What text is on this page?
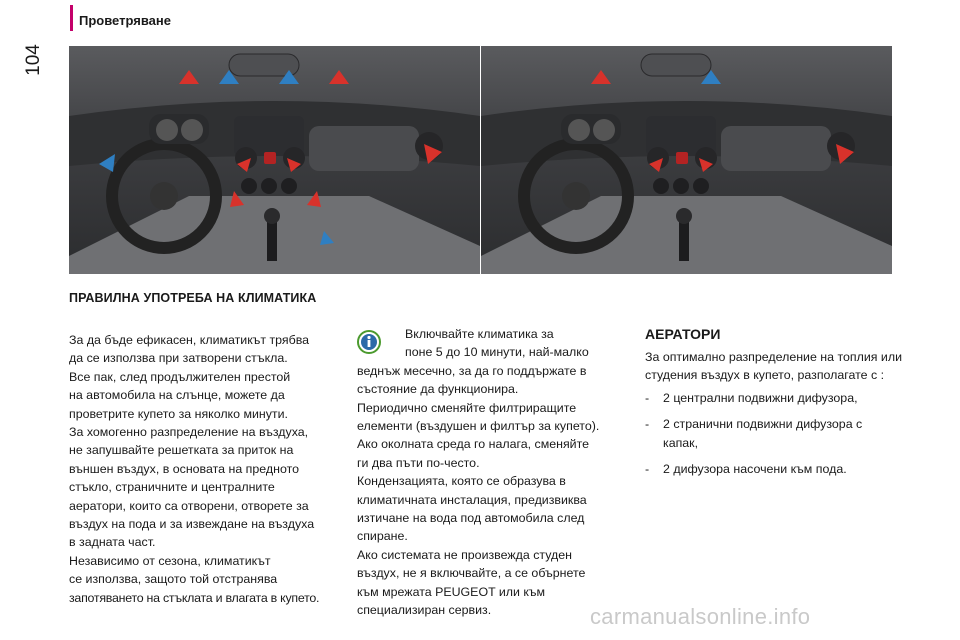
Проветряване
104
ПРАВИЛНА УПОТРЕБА НА КЛИМАТИКА

За да бъде ефикасен, климатикът трябва

да се използва при затворени стъкла.

Все пак, след продължителен престой

на автомобила на слънце, можете да

проветрите купето за няколко минути.

За хомогенно разпределение на въздуха,

не запушвайте решетката за приток на

външен въздух, в основата на предното

стъкло, страничните и централните

аератори, които са отворени, отворете за

въздух на пода и за извеждане на въздуха

в задната част.

Независимо от сезона, климатикът

се използва, защото той отстранява

запотяването на стъклата и влагата в купето.

Включвайте климатика за

поне 5 до 10 минути, най-малко

веднъж месечно, за да го поддържате в

състояние да функционира.

Периодично сменяйте филтриращите

елементи (въздушен и филтър за купето).

Ако околната среда го налага, сменяйте

ги два пъти по-често.

Кондензацията, която се образува в

климатичната инсталация, предизвиква

изтичане на вода под автомобила след

спиране.

Ако системата не произвежда студен

въздух, не я включвайте, а се обърнете

към мрежата PEUGEOT или към

специализиран сервиз.

АЕРАТОРИ

За оптимално разпределение на топлия или

студения въздух в купето, разполагате с :

-	2 централни подвижни дифузора,
-	2 странични подвижни дифузора с
капак,
-	2 дифузора насочени към пода.
carmanualsonline.info
